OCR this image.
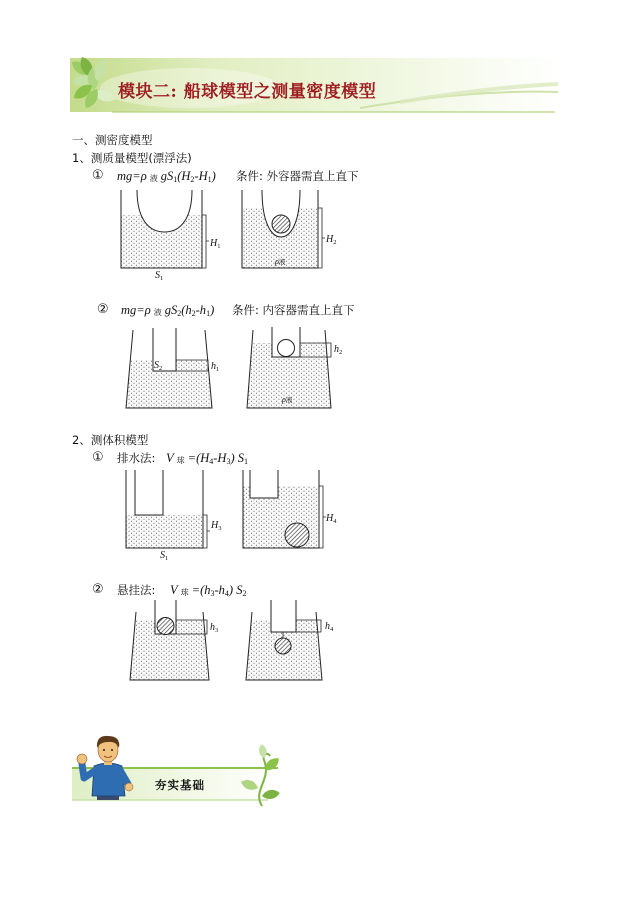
$H_1$
$S_1$
$H_2$
ρ液
$h_1$
$S_2$
$h_2$
ρ液
$H_3$
$S_1$
$H_4$
$h_3$	$h_4$
模块二: 船球模型之测量密度模型
一、测密度模型
1、测质量模型(漂浮法)
① mg=ρ 液 $gS_1(H_2-H_1)$ 条件: 外容器需直上直下
② mg=ρ 液 $gS_2(h_2-h_1)$ 条件: 内容器需直上直下
2、测体积模型
① 排水法: V球 $=(H_4-H_3)$ $S_1$
② 悬挂法: V球 $=(h_3-h_4)$ $S_2$
夯实基础
